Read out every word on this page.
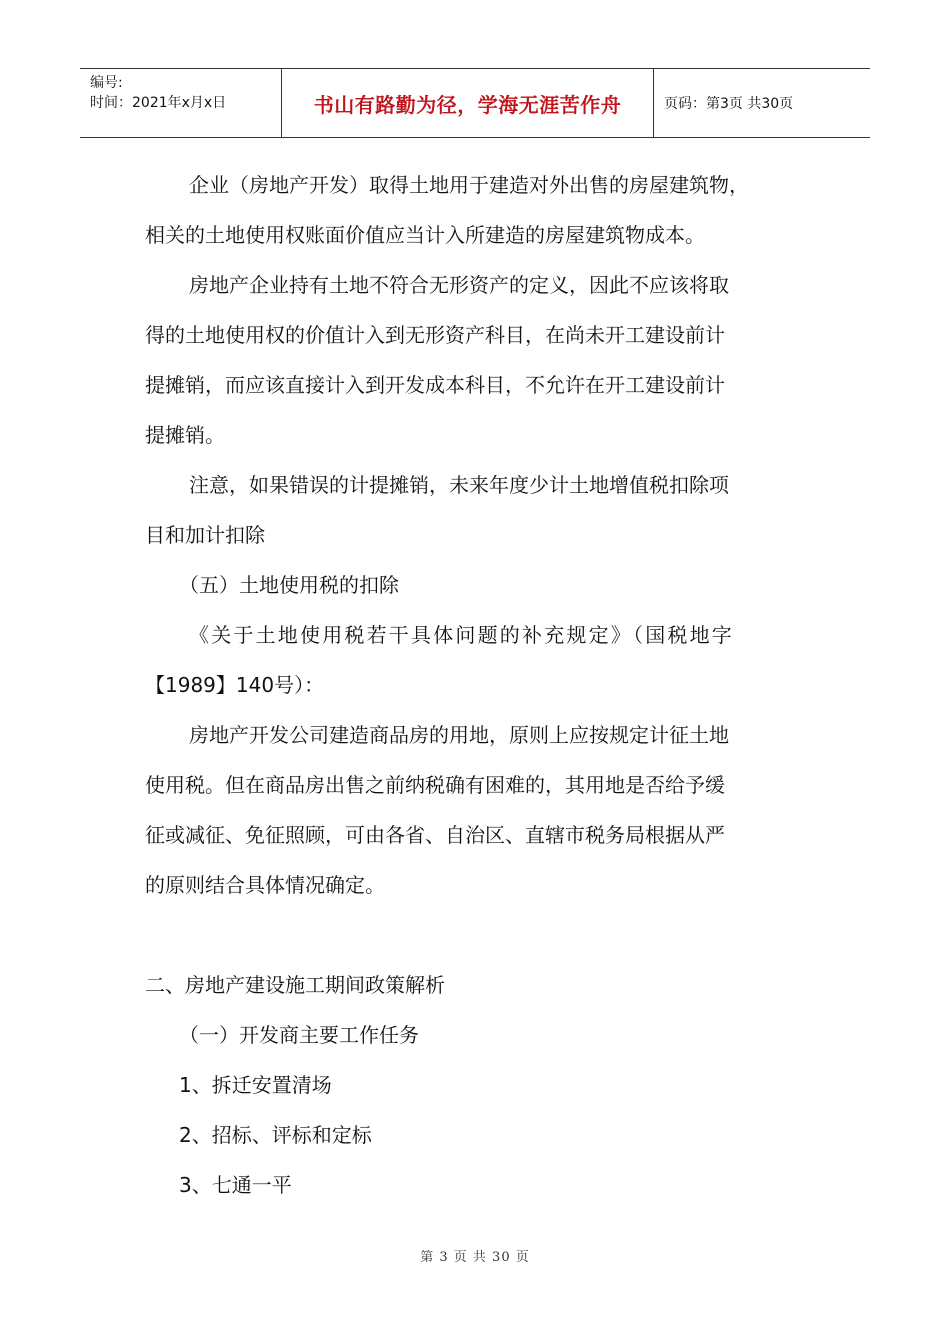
编号:
时间：2021年x月x日	书山有路勤为径，学海无涯苦作舟	页码：第3页 共30页
企业（房地产开发）取得土地用于建造对外出售的房屋建筑物，
相关的土地使用权账面价值应当计入所建造的房屋建筑物成本。
房地产企业持有土地不符合无形资产的定义，因此不应该将取
得的土地使用权的价值计入到无形资产科目，在尚未开工建设前计
提摊销，而应该直接计入到开发成本科目，不允许在开工建设前计
提摊销。
注意，如果错误的计提摊销，未来年度少计土地增值税扣除项
目和加计扣除
（五）土地使用税的扣除
《关于土地使用税若干具体问题的补充规定》（国税地字
【1989】140号）：
房地产开发公司建造商品房的用地，原则上应按规定计征土地
使用税。但在商品房出售之前纳税确有困难的，其用地是否给予缓
征或减征、免征照顾，可由各省、自治区、直辖市税务局根据从严
的原则结合具体情况确定。
二、房地产建设施工期间政策解析
（一）开发商主要工作任务
1、拆迁安置清场
2、招标、评标和定标
3、七通一平
第 3 页 共 30 页
